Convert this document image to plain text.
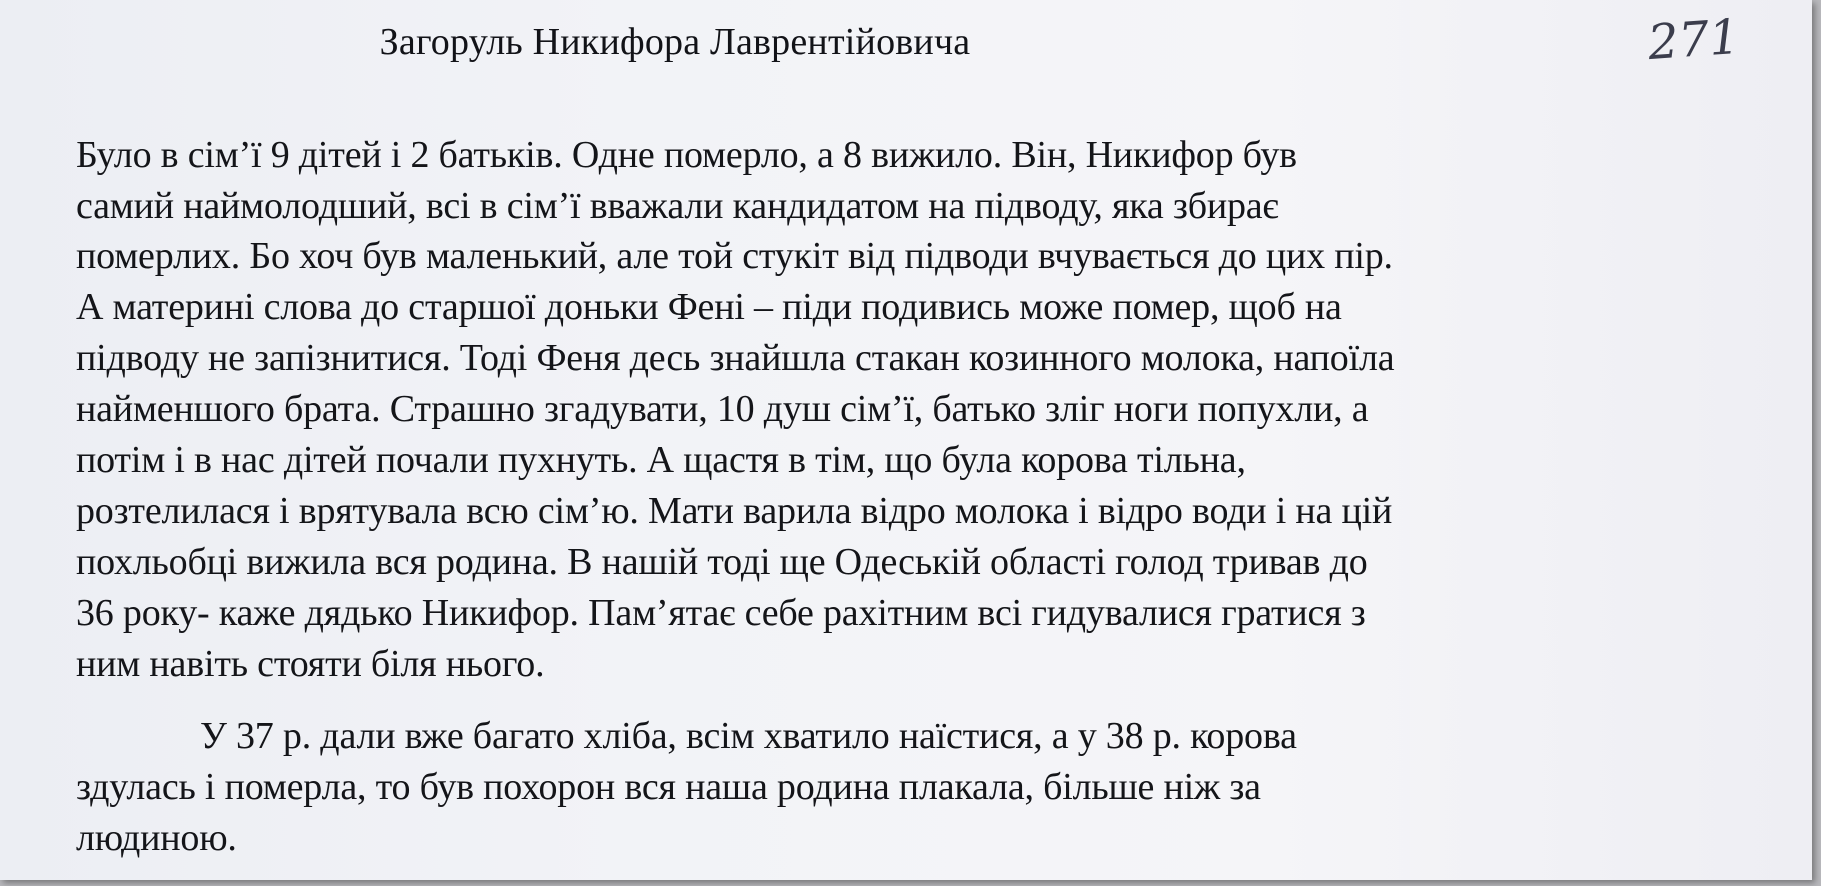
Загоруль Никифора Лаврентійовича	271
Було в сім’ї 9 дітей і 2 батьків. Одне померло, а 8 вижило. Він, Никифор був
самий наймолодший, всі в сім’ї вважали кандидатом на підводу, яка збирає
померлих. Бо хоч був маленький, але той стукіт від підводи вчувається до цих пір.
А материні слова до старшої доньки Фені – піди подивись може помер, щоб на
підводу не запізнитися. Тоді Феня десь знайшла стакан козинного молока, напоїла
найменшого брата. Страшно згадувати, 10 душ сім’ї, батько зліг ноги попухли, а
потім і в нас дітей почали пухнуть. А щастя в тім, що була корова тільна,
розтелилася і врятувала всю сім’ю. Мати варила відро молока і відро води і на цій
похльобці вижила вся родина. В нашій тоді ще Одеській області голод тривав до
36 року- каже дядько Никифор. Пам’ятає себе рахітним всі гидувалися гратися з
ним навіть стояти біля нього.
У 37 р. дали вже багато хліба, всім хватило наїстися, а у 38 р. корова
здулась і померла, то був похорон вся наша родина плакала, більше ніж за
людиною.
